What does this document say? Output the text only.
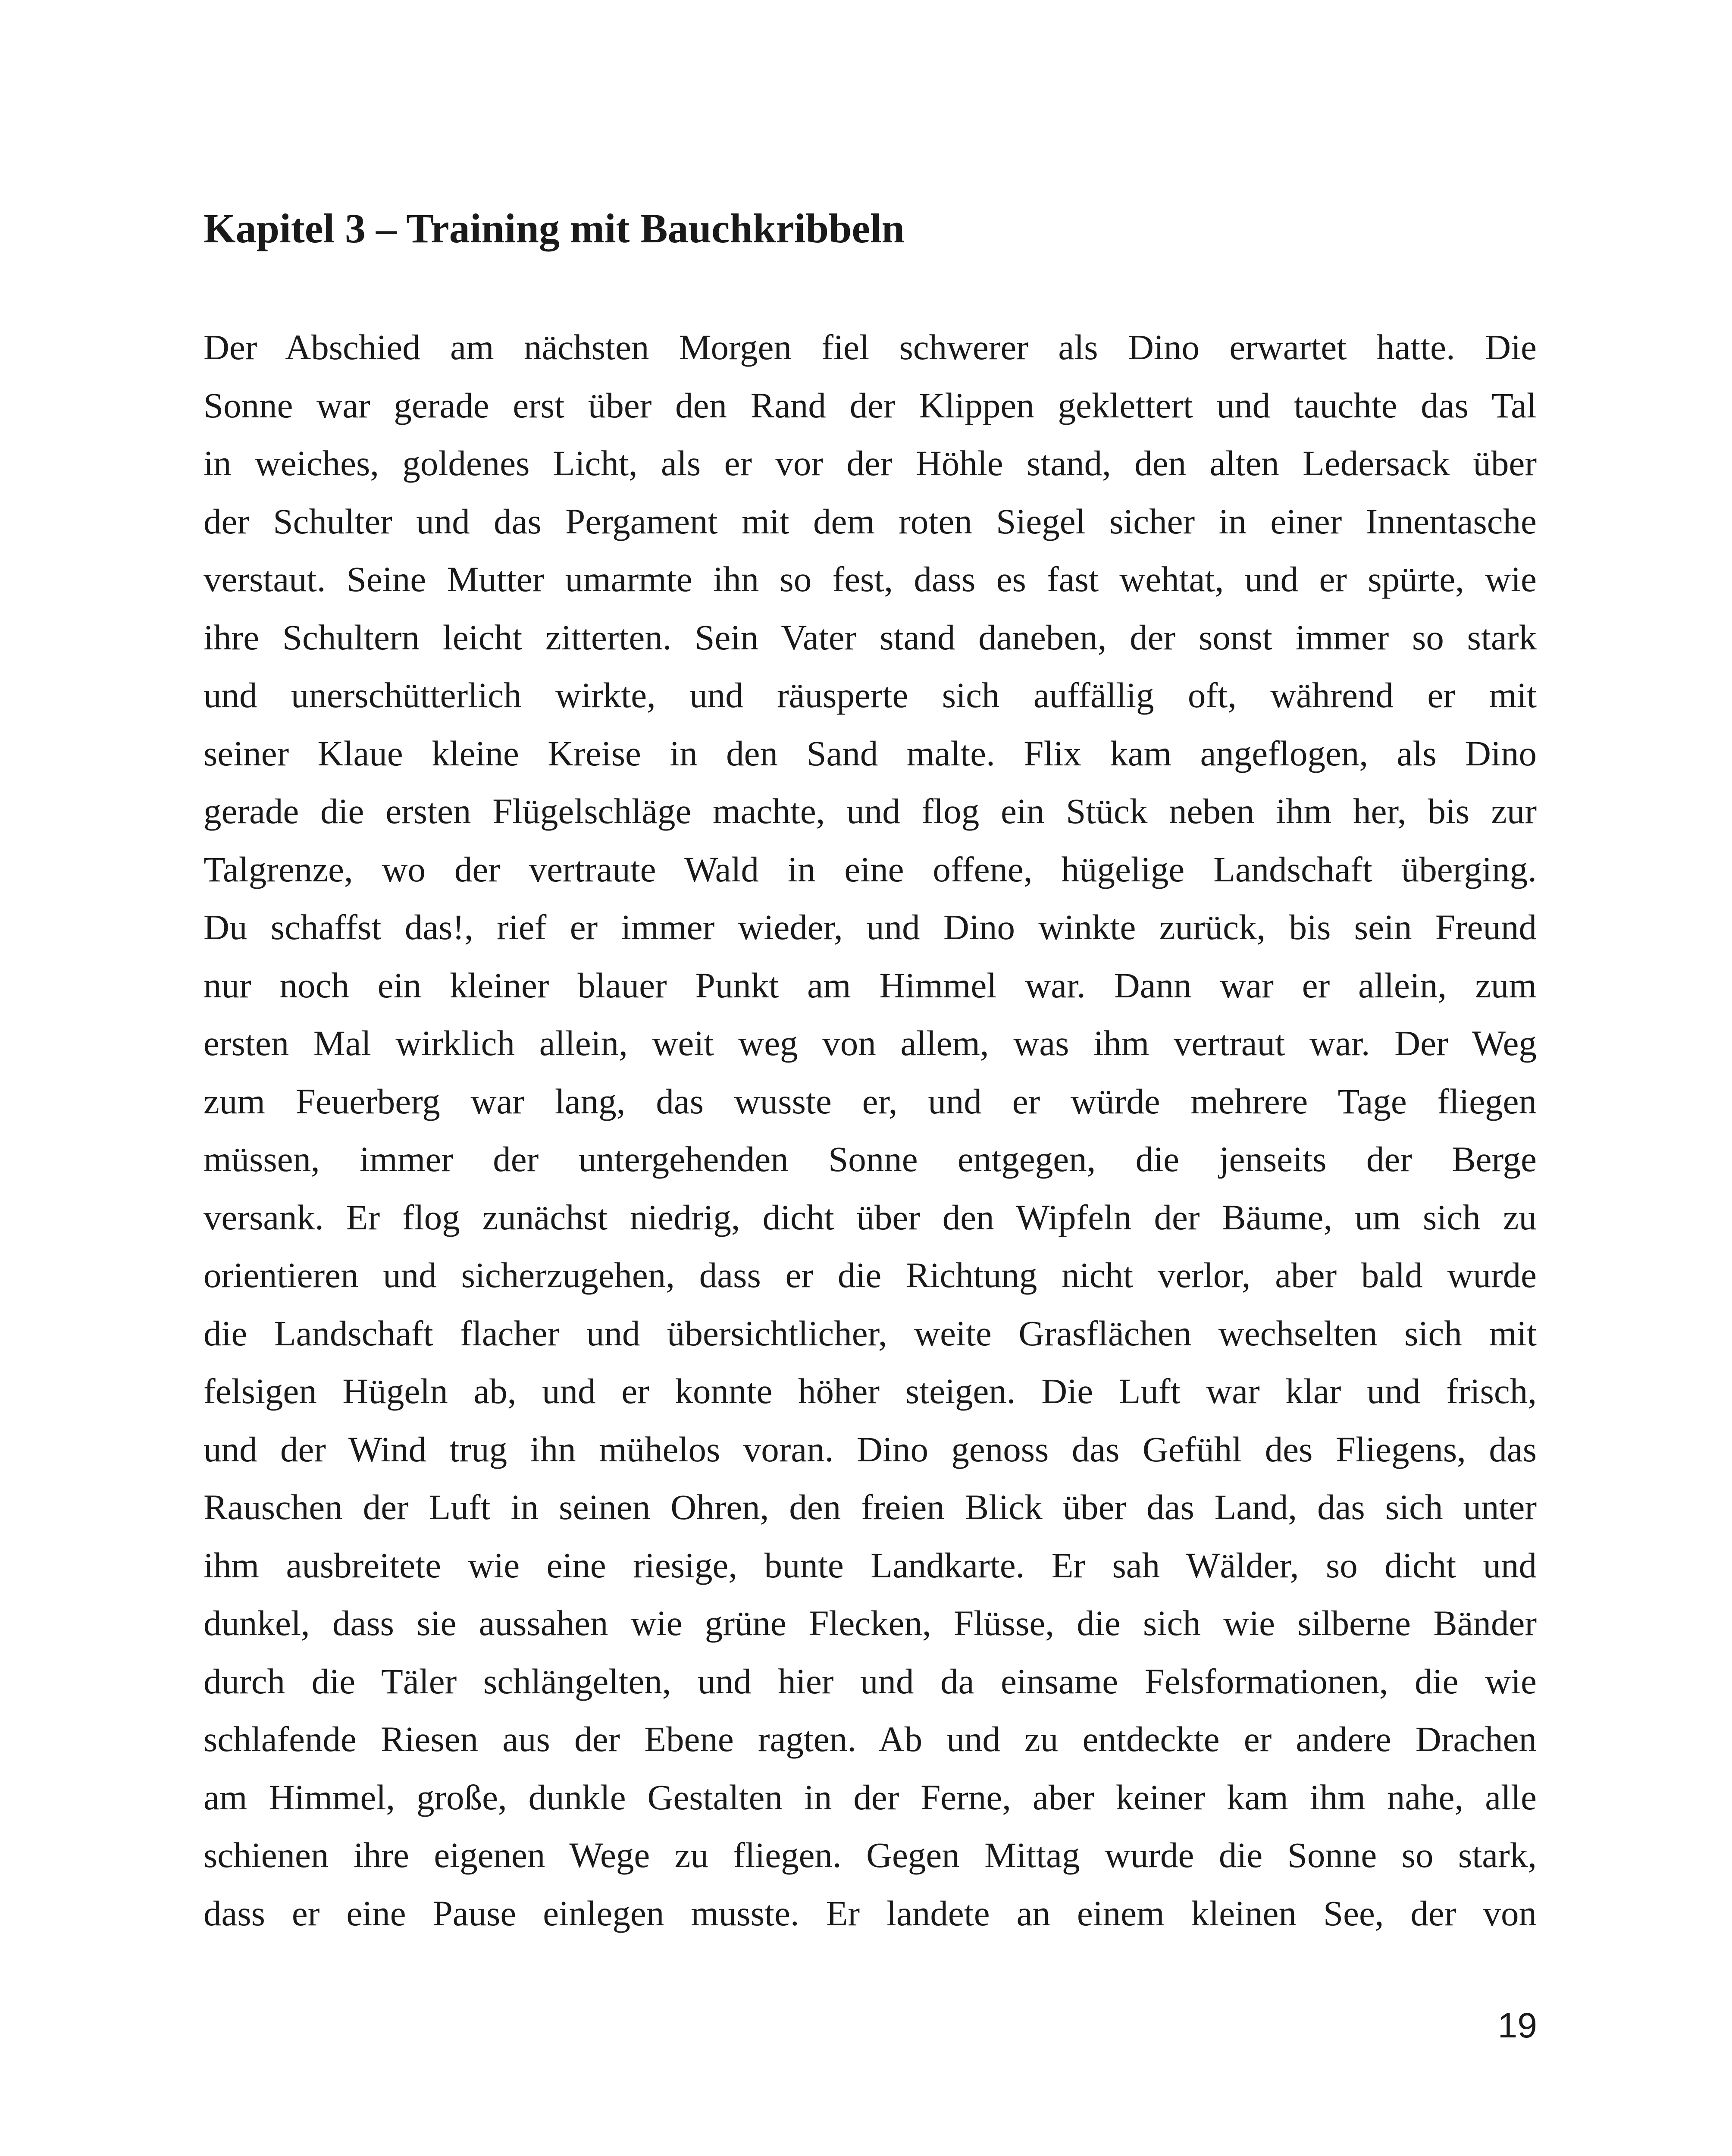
Kapitel 3 – Training mit Bauchkribbeln
Der Abschied am nächsten Morgen fiel schwerer als Dino erwartet hatte. Die
Sonne war gerade erst über den Rand der Klippen geklettert und tauchte das Tal
in weiches, goldenes Licht, als er vor der Höhle stand, den alten Ledersack über
der Schulter und das Pergament mit dem roten Siegel sicher in einer Innentasche
verstaut. Seine Mutter umarmte ihn so fest, dass es fast wehtat, und er spürte, wie
ihre Schultern leicht zitterten. Sein Vater stand daneben, der sonst immer so stark
und unerschütterlich wirkte, und räusperte sich auffällig oft, während er mit
seiner Klaue kleine Kreise in den Sand malte. Flix kam angeflogen, als Dino
gerade die ersten Flügelschläge machte, und flog ein Stück neben ihm her, bis zur
Talgrenze, wo der vertraute Wald in eine offene, hügelige Landschaft überging.
Du schaffst das!, rief er immer wieder, und Dino winkte zurück, bis sein Freund
nur noch ein kleiner blauer Punkt am Himmel war. Dann war er allein, zum
ersten Mal wirklich allein, weit weg von allem, was ihm vertraut war. Der Weg
zum Feuerberg war lang, das wusste er, und er würde mehrere Tage fliegen
müssen, immer der untergehenden Sonne entgegen, die jenseits der Berge
versank. Er flog zunächst niedrig, dicht über den Wipfeln der Bäume, um sich zu
orientieren und sicherzugehen, dass er die Richtung nicht verlor, aber bald wurde
die Landschaft flacher und übersichtlicher, weite Grasflächen wechselten sich mit
felsigen Hügeln ab, und er konnte höher steigen. Die Luft war klar und frisch,
und der Wind trug ihn mühelos voran. Dino genoss das Gefühl des Fliegens, das
Rauschen der Luft in seinen Ohren, den freien Blick über das Land, das sich unter
ihm ausbreitete wie eine riesige, bunte Landkarte. Er sah Wälder, so dicht und
dunkel, dass sie aussahen wie grüne Flecken, Flüsse, die sich wie silberne Bänder
durch die Täler schlängelten, und hier und da einsame Felsformationen, die wie
schlafende Riesen aus der Ebene ragten. Ab und zu entdeckte er andere Drachen
am Himmel, große, dunkle Gestalten in der Ferne, aber keiner kam ihm nahe, alle
schienen ihre eigenen Wege zu fliegen. Gegen Mittag wurde die Sonne so stark,
dass er eine Pause einlegen musste. Er landete an einem kleinen See, der von
19
